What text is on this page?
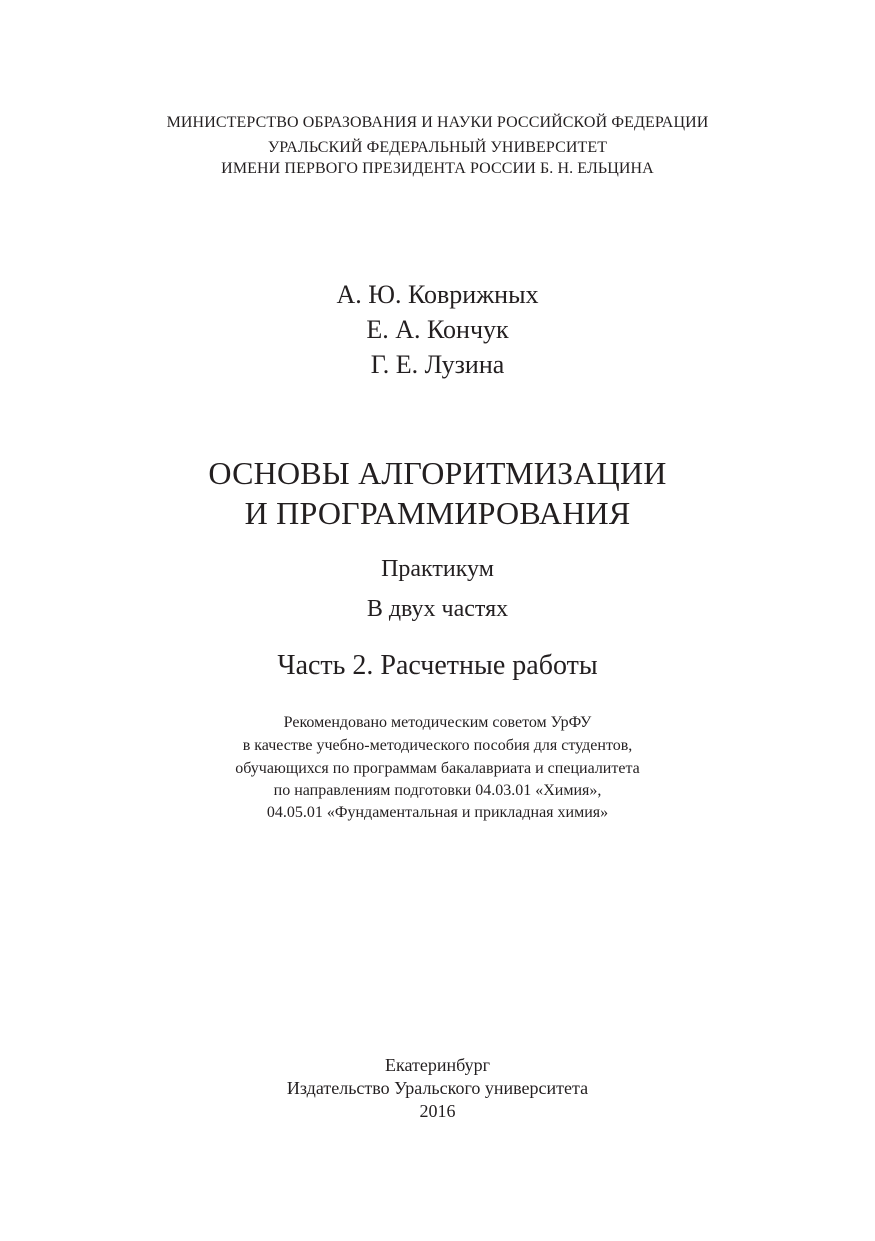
МИНИСТЕРСТВО ОБРАЗОВАНИЯ И НАУКИ РОССИЙСКОЙ ФЕДЕРАЦИИ

УРАЛЬСКИЙ ФЕДЕРАЛЬНЫЙ УНИВЕРСИТЕТ

ИМЕНИ ПЕРВОГО ПРЕЗИДЕНТА РОССИИ Б. Н. ЕЛЬЦИНА

А. Ю. Коврижных

Е. А. Кончук

Г. Е. Лузина

ОСНОВЫ АЛГОРИТМИЗАЦИИ

И ПРОГРАММИРОВАНИЯ

Практикум

В двух частях

Часть 2. Расчетные работы

Рекомендовано методическим советом УрФУ

в качестве учебно-методического пособия для студентов,

обучающихся по программам бакалавриата и специалитета

по направлениям подготовки 04.03.01 «Химия»,

04.05.01 «Фундаментальная и прикладная химия»

Екатеринбург

Издательство Уральского университета

2016
